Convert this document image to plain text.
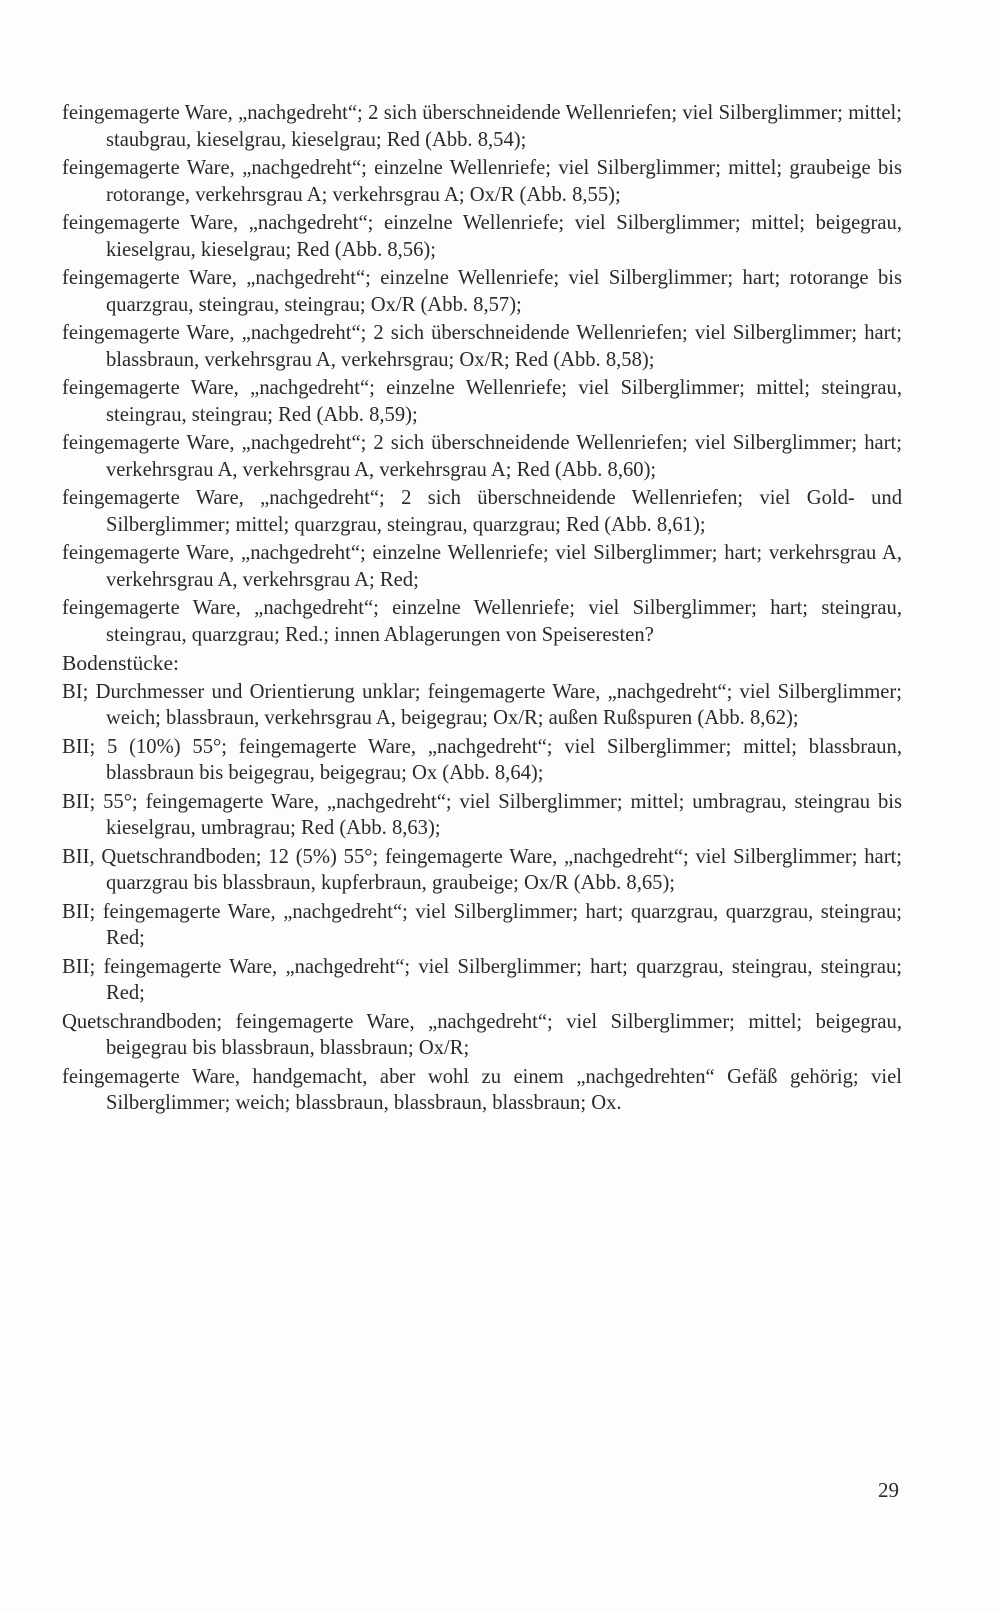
feingemagerte Ware, „nachgedreht“; 2 sich überschneidende Wellenriefen; viel Silberglimmer; mittel; staubgrau, kieselgrau, kieselgrau; Red (Abb. 8,54);

feingemagerte Ware, „nachgedreht“; einzelne Wellenriefe; viel Silberglimmer; mittel; graubeige bis rotorange, verkehrsgrau A; verkehrsgrau A; Ox/R (Abb. 8,55);

feingemagerte Ware, „nachgedreht“; einzelne Wellenriefe; viel Silberglimmer; mittel; beigegrau, kieselgrau, kieselgrau; Red (Abb. 8,56);

feingemagerte Ware, „nachgedreht“; einzelne Wellenriefe; viel Silberglimmer; hart; rotorange bis quarzgrau, steingrau, steingrau; Ox/R (Abb. 8,57);

feingemagerte Ware, „nachgedreht“; 2 sich überschneidende Wellenriefen; viel Silberglimmer; hart; blassbraun, verkehrsgrau A, verkehrsgrau; Ox/R; Red (Abb. 8,58);

feingemagerte Ware, „nachgedreht“; einzelne Wellenriefe; viel Silberglimmer; mittel; steingrau, steingrau, steingrau; Red (Abb. 8,59);

feingemagerte Ware, „nachgedreht“; 2 sich überschneidende Wellenriefen; viel Silberglimmer; hart; verkehrsgrau A, verkehrsgrau A, verkehrsgrau A; Red (Abb. 8,60);

feingemagerte Ware, „nachgedreht“; 2 sich überschneidende Wellenriefen; viel Gold- und Silberglimmer; mittel; quarzgrau, steingrau, quarzgrau; Red (Abb. 8,61);

feingemagerte Ware, „nachgedreht“; einzelne Wellenriefe; viel Silberglimmer; hart; verkehrsgrau A, verkehrsgrau A, verkehrsgrau A; Red;

feingemagerte Ware, „nachgedreht“; einzelne Wellenriefe; viel Silberglimmer; hart; steingrau, steingrau, quarzgrau; Red.; innen Ablagerungen von Speiseresten?

Bodenstücke:

BI; Durchmesser und Orientierung unklar; feingemagerte Ware, „nachgedreht“; viel Silberglimmer; weich; blassbraun, verkehrsgrau A, beigegrau; Ox/R; außen Rußspuren (Abb. 8,62);

BII; 5 (10%) 55°; feingemagerte Ware, „nachgedreht“; viel Silberglimmer; mittel; blassbraun, blassbraun bis beigegrau, beigegrau; Ox (Abb. 8,64);

BII; 55°; feingemagerte Ware, „nachgedreht“; viel Silberglimmer; mittel; umbragrau, steingrau bis kieselgrau, umbragrau; Red (Abb. 8,63);

BII, Quetschrandboden; 12 (5%) 55°; feingemagerte Ware, „nachgedreht“; viel Silberglimmer; hart; quarzgrau bis blassbraun, kupferbraun, graubeige; Ox/R (Abb. 8,65);

BII; feingemagerte Ware, „nachgedreht“; viel Silberglimmer; hart; quarzgrau, quarzgrau, steingrau; Red;

BII; feingemagerte Ware, „nachgedreht“; viel Silberglimmer; hart; quarzgrau, steingrau, steingrau; Red;

Quetschrandboden; feingemagerte Ware, „nachgedreht“; viel Silberglimmer; mittel; beigegrau, beigegrau bis blassbraun, blassbraun; Ox/R;

feingemagerte Ware, handgemacht, aber wohl zu einem „nachgedrehten“ Gefäß gehörig; viel Silberglimmer; weich; blassbraun, blassbraun, blassbraun; Ox.

29
